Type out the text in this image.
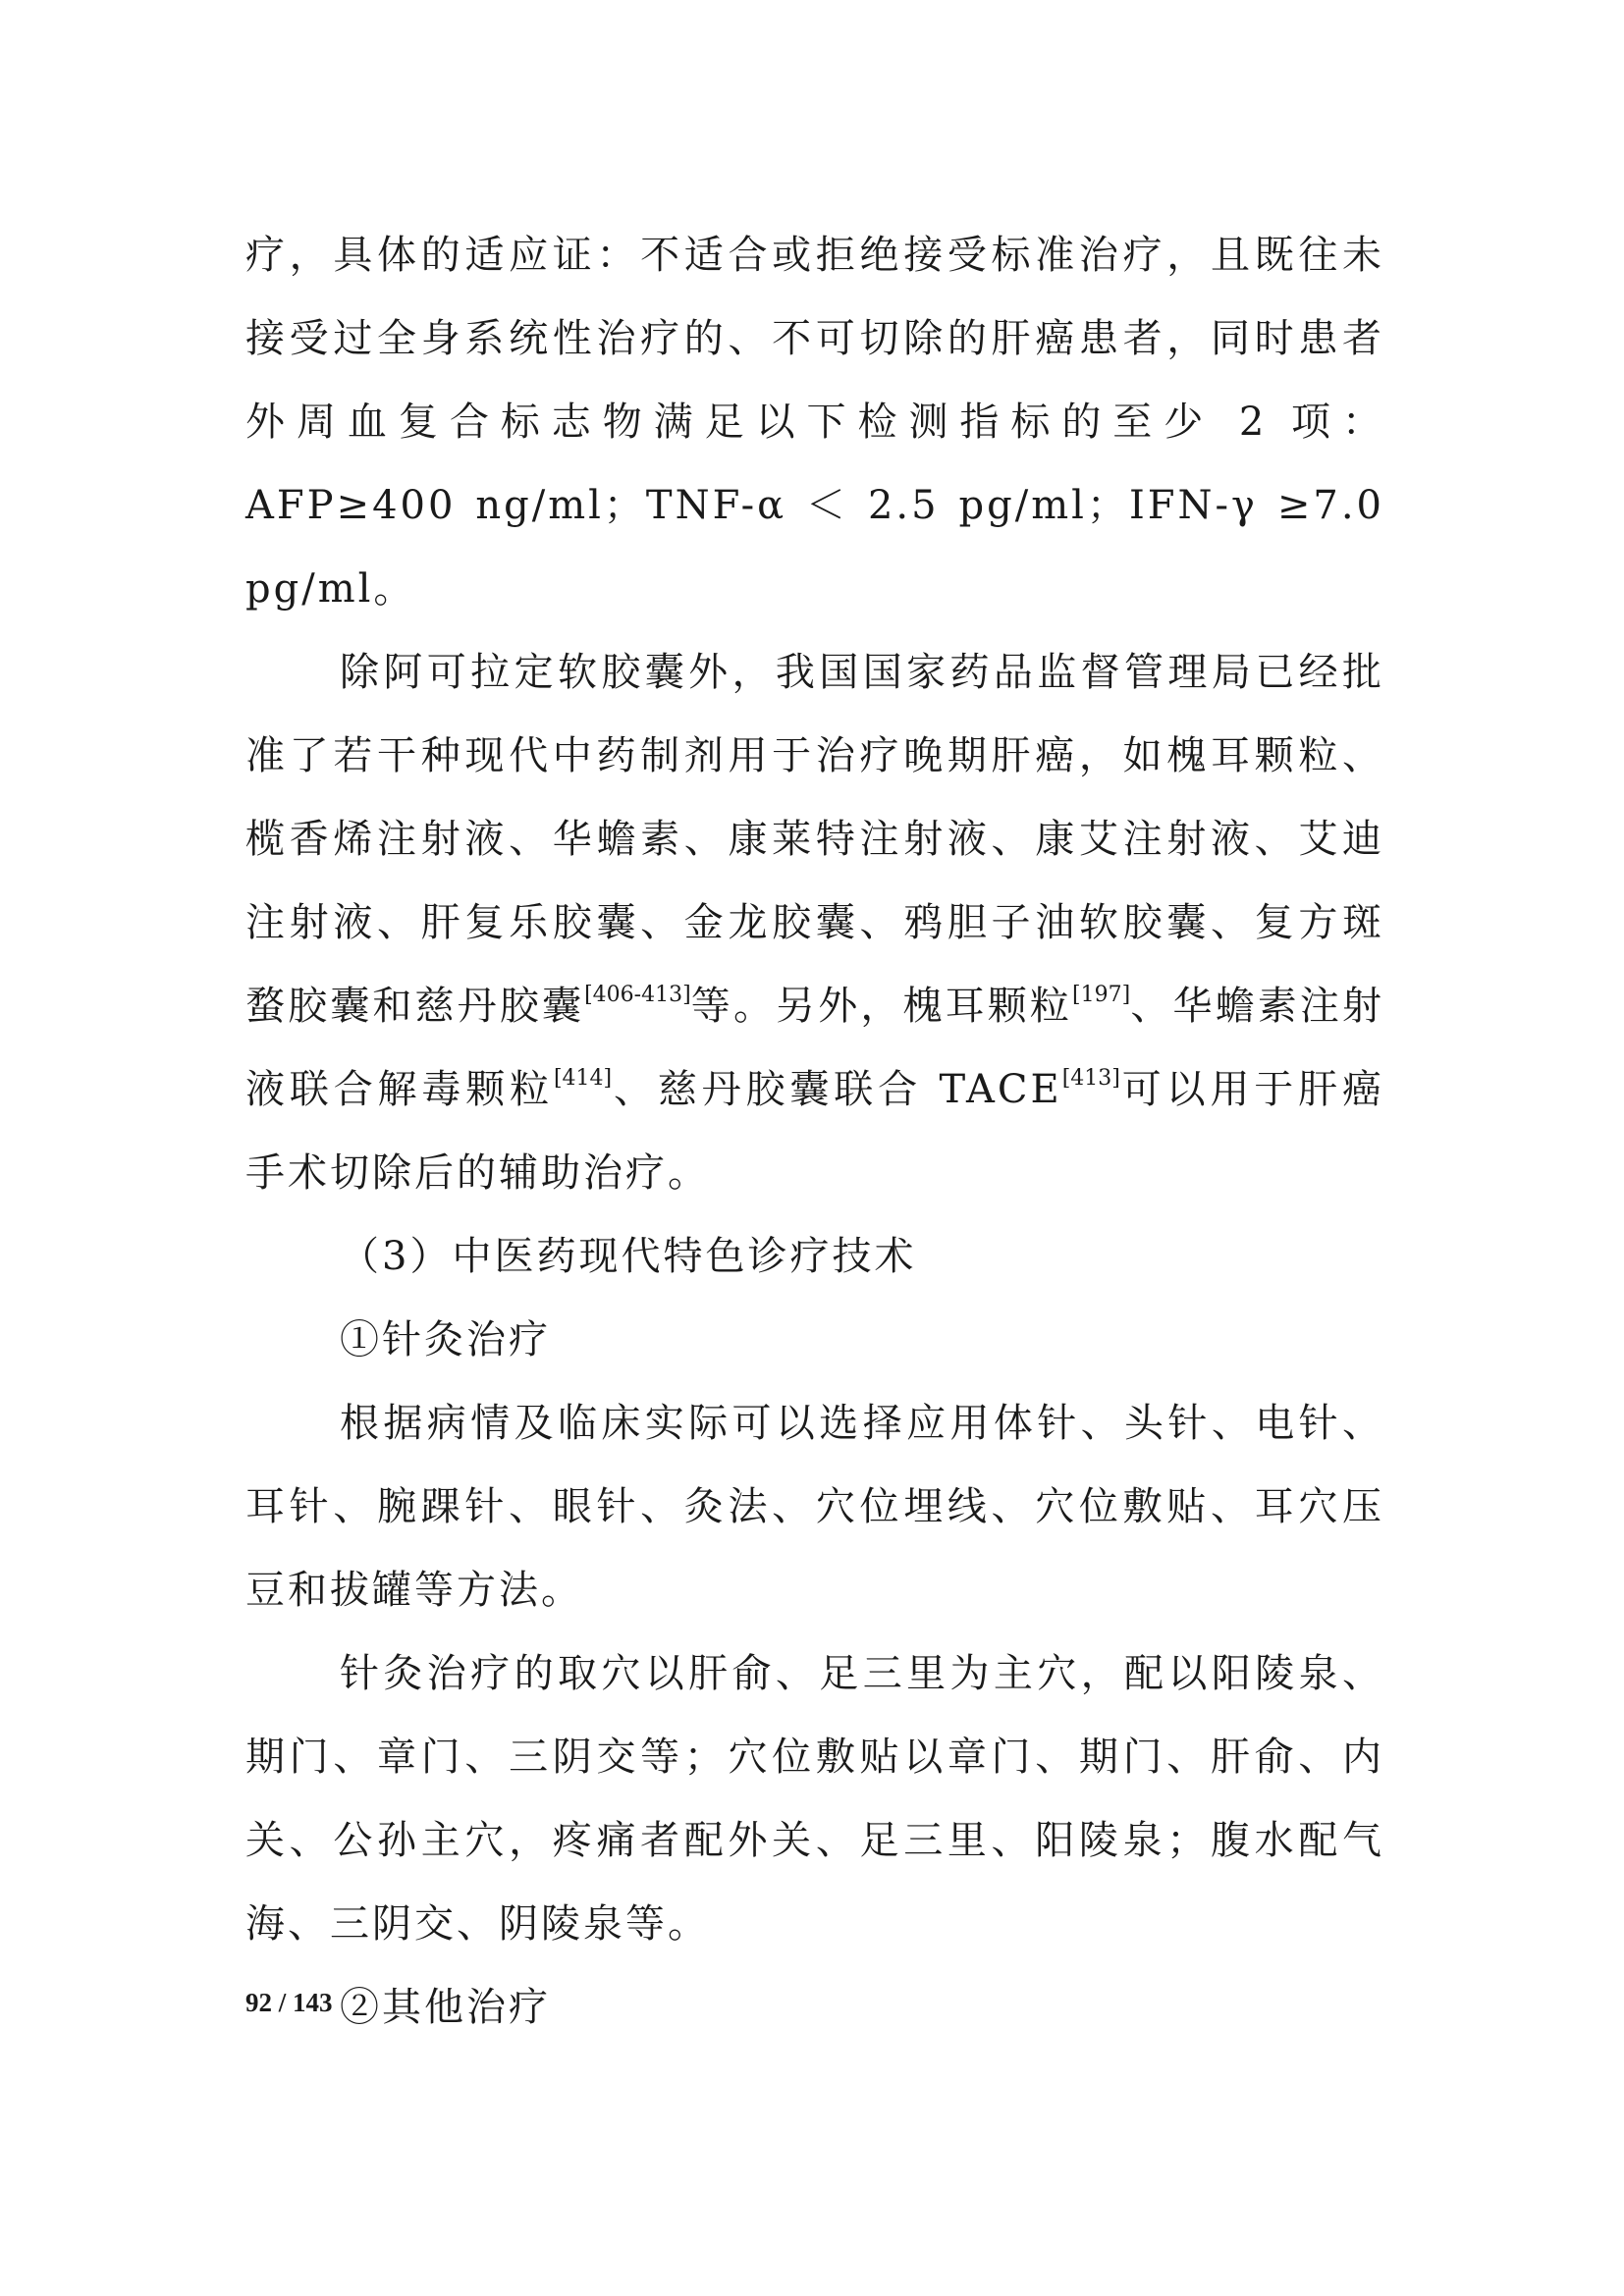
疗，具体的适应证：不适合或拒绝接受标准治疗，且既往未接受过全身系统性治疗的、不可切除的肝癌患者，同时患者外周血复合标志物满足以下检测指标的至少 2 项：AFP≥400 ng/ml；TNF-α ＜ 2.5 pg/ml；IFN-γ ≥7.0 pg/ml。

除阿可拉定软胶囊外，我国国家药品监督管理局已经批准了若干种现代中药制剂用于治疗晚期肝癌，如槐耳颗粒、榄香烯注射液、华蟾素、康莱特注射液、康艾注射液、艾迪注射液、肝复乐胶囊、金龙胶囊、鸦胆子油软胶囊、复方斑蝥胶囊和慈丹胶囊[406-413]等。另外，槐耳颗粒[197]、华蟾素注射液联合解毒颗粒[414]、慈丹胶囊联合 TACE[413]可以用于肝癌手术切除后的辅助治疗。

（3）中医药现代特色诊疗技术

①针灸治疗

根据病情及临床实际可以选择应用体针、头针、电针、耳针、腕踝针、眼针、灸法、穴位埋线、穴位敷贴、耳穴压豆和拔罐等方法。

针灸治疗的取穴以肝俞、足三里为主穴，配以阳陵泉、期门、章门、三阴交等；穴位敷贴以章门、期门、肝俞、内关、公孙主穴，疼痛者配外关、足三里、阳陵泉；腹水配气海、三阴交、阴陵泉等。

②其他治疗

92 / 143
